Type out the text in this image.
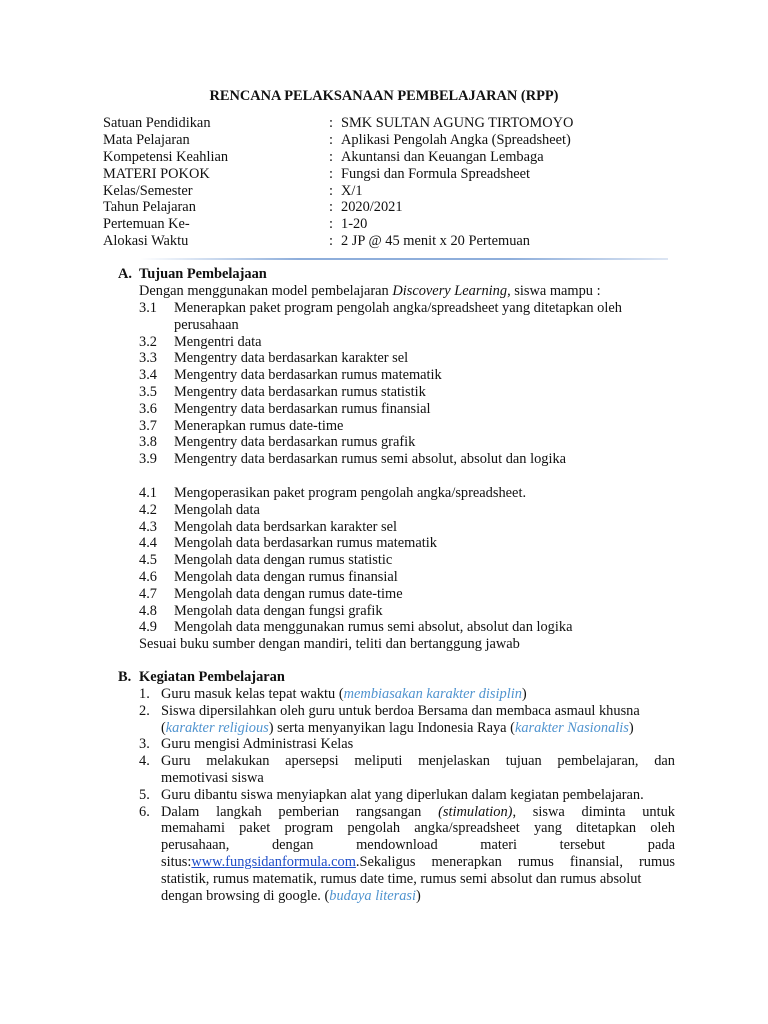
RENCANA PELAKSANAAN PEMBELAJARAN (RPP)
Satuan Pendidikan	: SMK SULTAN AGUNG TIRTOMOYO
Mata Pelajaran	: Aplikasi Pengolah Angka (Spreadsheet)
Kompetensi Keahlian	: Akuntansi dan Keuangan Lembaga
MATERI POKOK	: Fungsi dan Formula Spreadsheet
Kelas/Semester	: X/1
Tahun Pelajaran	: 2020/2021
Pertemuan Ke-	: 1-20
Alokasi Waktu	: 2 JP @ 45 menit x 20 Pertemuan
A. Tujuan Pembelajaan
Dengan menggunakan model pembelajaran Discovery Learning, siswa mampu :
3.1	Menerapkan paket program pengolah angka/spreadsheet yang ditetapkan oleh
perusahaan
3.2	Mengentri data
3.3	Mengentry data berdasarkan karakter sel
3.4	Mengentry data berdasarkan rumus matematik
3.5	Mengentry data berdasarkan rumus statistik
3.6	Mengentry data berdasarkan rumus finansial
3.7	Menerapkan rumus date-time
3.8	Mengentry data berdasarkan rumus grafik
3.9	Mengentry data berdasarkan rumus semi absolut, absolut dan logika
4.1	Mengoperasikan paket program pengolah angka/spreadsheet.
4.2	Mengolah data
4.3	Mengolah data berdsarkan karakter sel
4.4	Mengolah data berdasarkan rumus matematik
4.5	Mengolah data dengan rumus statistic
4.6	Mengolah data dengan rumus finansial
4.7	Mengolah data dengan rumus date-time
4.8	Mengolah data dengan fungsi grafik
4.9	Mengolah data menggunakan rumus semi absolut, absolut dan logika
Sesuai buku sumber dengan mandiri, teliti dan bertanggung jawab
B. Kegiatan Pembelajaran
1. Guru masuk kelas tepat waktu (membiasakan karakter disiplin)
2. Siswa dipersilahkan oleh guru untuk berdoa Bersama dan membaca asmaul khusna
(karakter religious) serta menyanyikan lagu Indonesia Raya (karakter Nasionalis)
3. Guru mengisi Administrasi Kelas
4. Guru melakukan apersepsi meliputi menjelaskan tujuan pembelajaran, dan
memotivasi siswa
5. Guru dibantu siswa menyiapkan alat yang diperlukan dalam kegiatan pembelajaran.
6. Dalam langkah pemberian rangsangan (stimulation), siswa diminta untuk
memahami paket program pengolah angka/spreadsheet yang ditetapkan oleh
perusahaan,	dengan	mendownload	materi	tersebut	pada
situs:www.fungsidanformula.com.Sekaligus menerapkan rumus finansial, rumus
statistik, rumus matematik, rumus date time, rumus semi absolut dan rumus absolut
dengan browsing di google. (budaya literasi)
